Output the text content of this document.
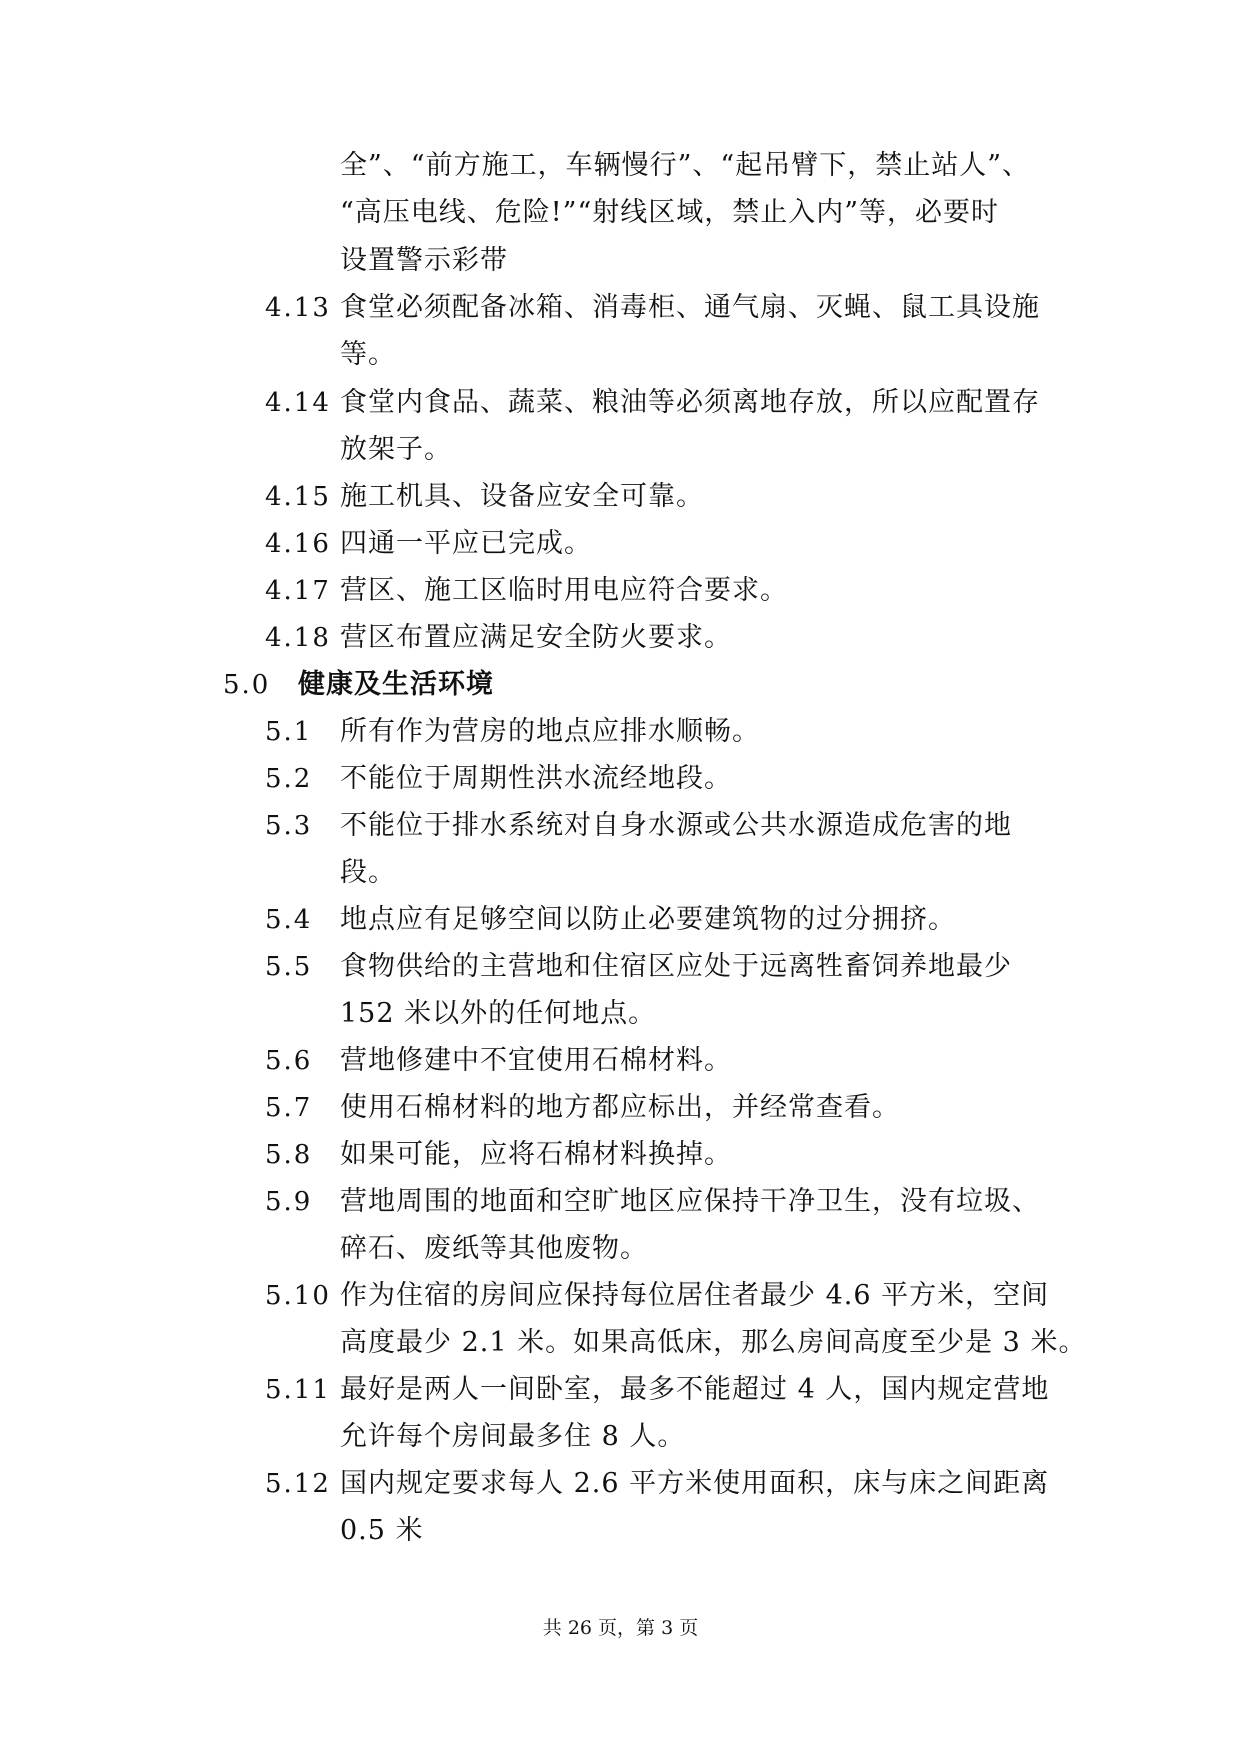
全”、“前方施工，车辆慢行”、“起吊臂下，禁止站人”、
“高压电线、危险!”“射线区域，禁止入内”等，必要时
设置警示彩带
4.13 食堂必须配备冰箱、消毒柜、通气扇、灭蝇、鼠工具设施
等。
4.14 食堂内食品、蔬菜、粮油等必须离地存放，所以应配置存
放架子。
4.15 施工机具、设备应安全可靠。
4.16 四通一平应已完成。
4.17 营区、施工区临时用电应符合要求。
4.18 营区布置应满足安全防火要求。
5.0 健康及生活环境
5.1 所有作为营房的地点应排水顺畅。
5.2 不能位于周期性洪水流经地段。
5.3 不能位于排水系统对自身水源或公共水源造成危害的地
段。
5.4 地点应有足够空间以防止必要建筑物的过分拥挤。
5.5 食物供给的主营地和住宿区应处于远离牲畜饲养地最少
152 米以外的任何地点。
5.6 营地修建中不宜使用石棉材料。
5.7 使用石棉材料的地方都应标出，并经常查看。
5.8 如果可能，应将石棉材料换掉。
5.9 营地周围的地面和空旷地区应保持干净卫生，没有垃圾、
碎石、废纸等其他废物。
5.10 作为住宿的房间应保持每位居住者最少 4.6 平方米，空间
高度最少 2.1 米。如果高低床，那么房间高度至少是 3 米。
5.11 最好是两人一间卧室，最多不能超过 4 人，国内规定营地
允许每个房间最多住 8 人。
5.12 国内规定要求每人 2.6 平方米使用面积，床与床之间距离
0.5 米
共 26 页，第 3 页
